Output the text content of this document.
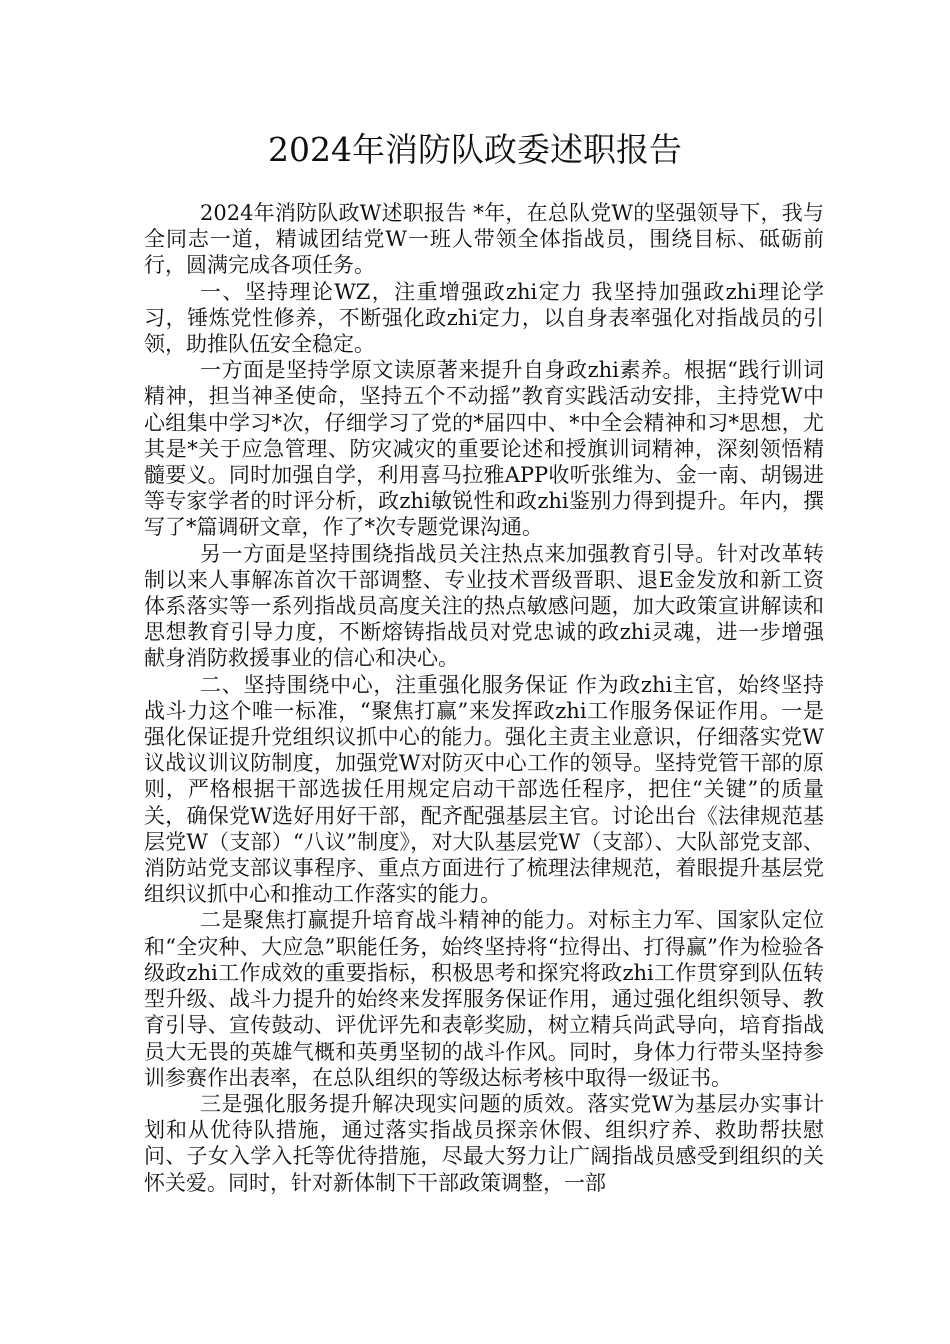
2024年消防队政委述职报告

2024年消防队政W述职报告 *年，在总队党W的坚强领导下，我与全同志一道，精诚团结党W一班人带领全体指战员，围绕目标、砥砺前行，圆满完成各项任务。

一、坚持理论WZ，注重增强政zhi定力 我坚持加强政zhi理论学习，锤炼党性修养，不断强化政zhi定力，以自身表率强化对指战员的引领，助推队伍安全稳定。

一方面是坚持学原文读原著来提升自身政zhi素养。根据“践行训词精神，担当神圣使命，坚持五个不动摇”教育实践活动安排，主持党W中心组集中学习*次，仔细学习了党的*届四中、*中全会精神和习*思想，尤其是*关于应急管理、防灾减灾的重要论述和授旗训词精神，深刻领悟精髓要义。同时加强自学，利用喜马拉雅APP收听张维为、金一南、胡锡进等专家学者的时评分析，政zhi敏锐性和政zhi鉴别力得到提升。年内，撰写了*篇调研文章，作了*次专题党课沟通。

另一方面是坚持围绕指战员关注热点来加强教育引导。针对改革转制以来人事解冻首次干部调整、专业技术晋级晋职、退E金发放和新工资体系落实等一系列指战员高度关注的热点敏感问题，加大政策宣讲解读和思想教育引导力度，不断熔铸指战员对党忠诚的政zhi灵魂，进一步增强献身消防救援事业的信心和决心。

二、坚持围绕中心，注重强化服务保证 作为政zhi主官，始终坚持战斗力这个唯一标准，“聚焦打赢”来发挥政zhi工作服务保证作用。一是强化保证提升党组织议抓中心的能力。强化主责主业意识，仔细落实党W议战议训议防制度，加强党W对防灭中心工作的领导。坚持党管干部的原则，严格根据干部选拔任用规定启动干部选任程序，把住“关键”的质量关，确保党W选好用好干部，配齐配强基层主官。讨论出台《法律规范基层党W（支部）“八议”制度》，对大队基层党W（支部）、大队部党支部、消防站党支部议事程序、重点方面进行了梳理法律规范，着眼提升基层党组织议抓中心和推动工作落实的能力。

二是聚焦打赢提升培育战斗精神的能力。对标主力军、国家队定位和“全灾种、大应急”职能任务，始终坚持将“拉得出、打得赢”作为检验各级政zhi工作成效的重要指标，积极思考和探究将政zhi工作贯穿到队伍转型升级、战斗力提升的始终来发挥服务保证作用，通过强化组织领导、教育引导、宣传鼓动、评优评先和表彰奖励，树立精兵尚武导向，培育指战员大无畏的英雄气概和英勇坚韧的战斗作风。同时，身体力行带头坚持参训参赛作出表率，在总队组织的等级达标考核中取得一级证书。

三是强化服务提升解决现实问题的质效。落实党W为基层办实事计划和从优待队措施，通过落实指战员探亲休假、组织疗养、救助帮扶慰问、子女入学入托等优待措施，尽最大努力让广阔指战员感受到组织的关怀关爱。同时，针对新体制下干部政策调整，一部
